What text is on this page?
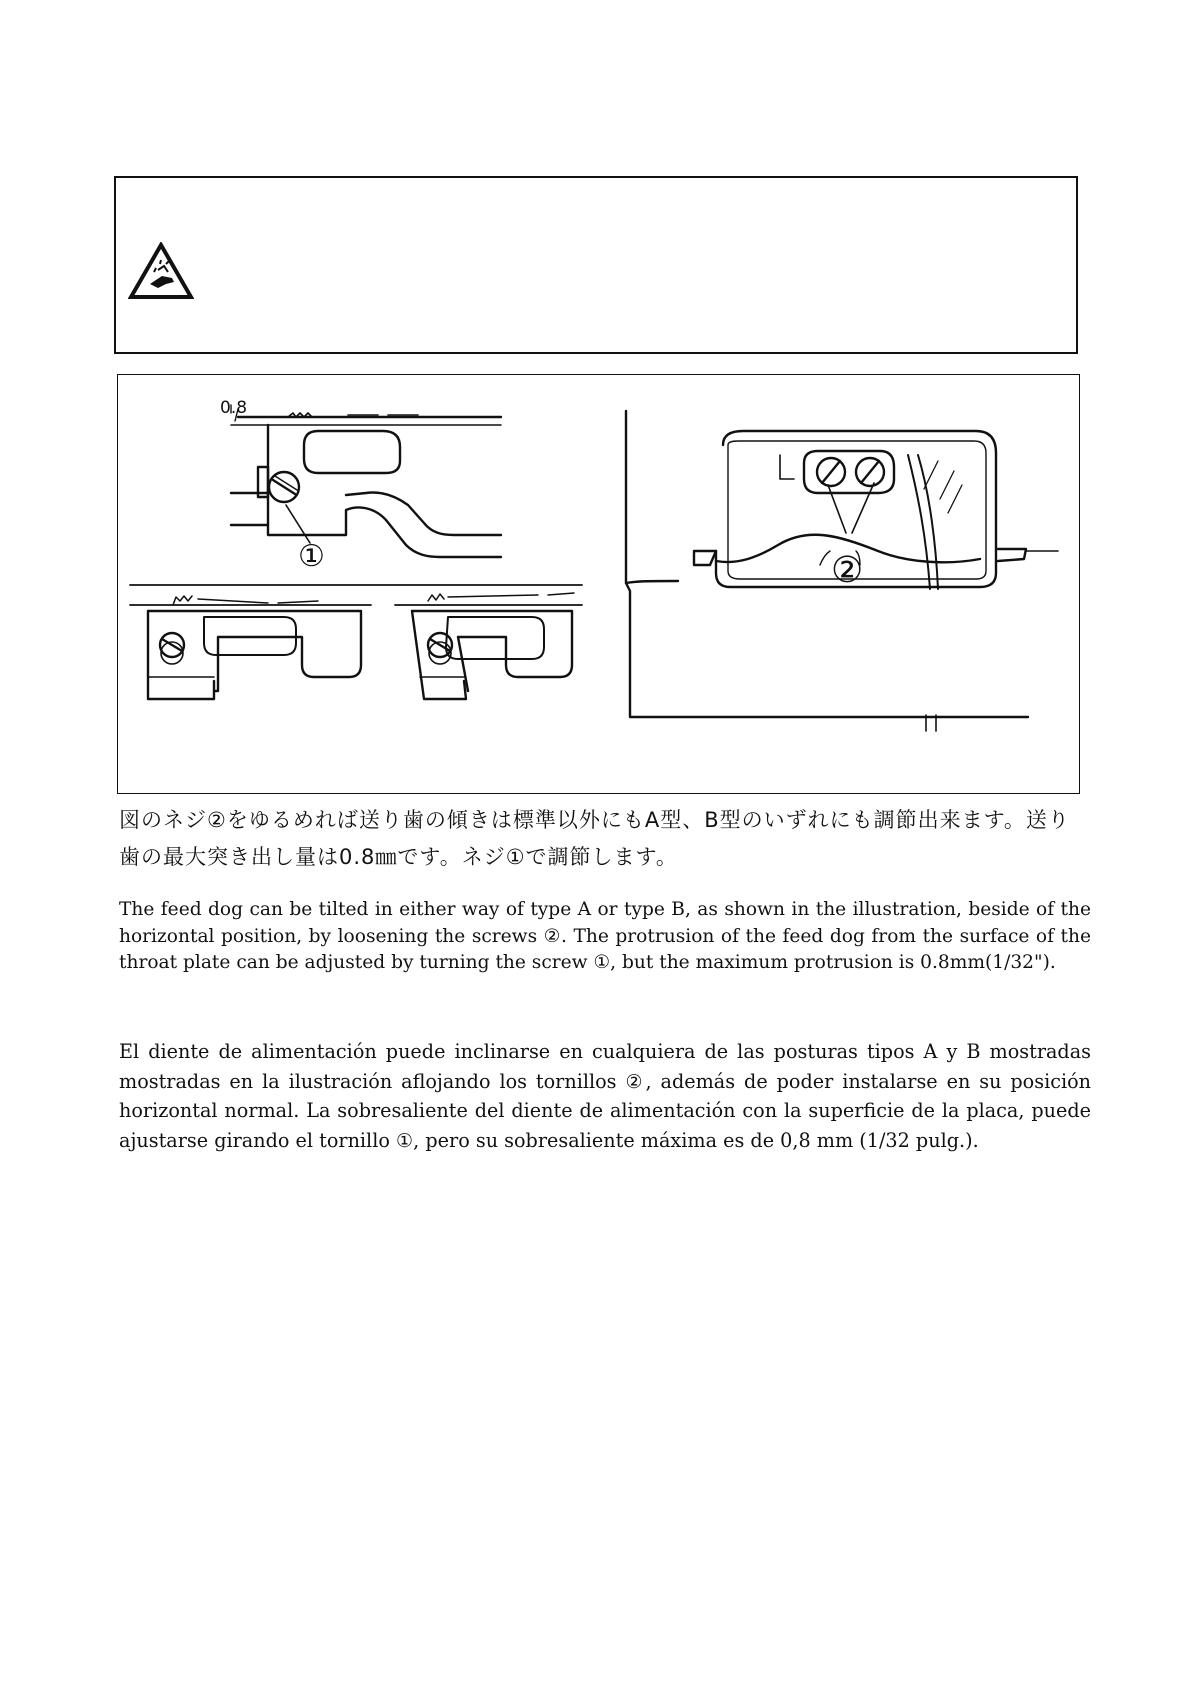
0.8
①	②

図のネジ②をゆるめれば送り歯の傾きは標準以外にもA型、B型のいずれにも調節出来ます。送り歯の最大突き出し量は0.8㎜です。ネジ①で調節します。

The feed dog can be tilted in either way of type A or type B, as shown in the illustration, beside of the horizontal position, by loosening the screws ②. The protrusion of the feed dog from the surface of the throat plate can be adjusted by turning the screw ①, but the maximum protrusion is 0.8mm(1/32").

El diente de alimentación puede inclinarse en cualquiera de las posturas tipos A y B mostradas mostradas en la ilustración aflojando los tornillos ②, además de poder instalarse en su posición horizontal normal. La sobresaliente del diente de alimentación con la superficie de la placa, puede ajustarse girando el tornillo ①, pero su sobresaliente máxima es de 0,8 mm (1/32 pulg.).
